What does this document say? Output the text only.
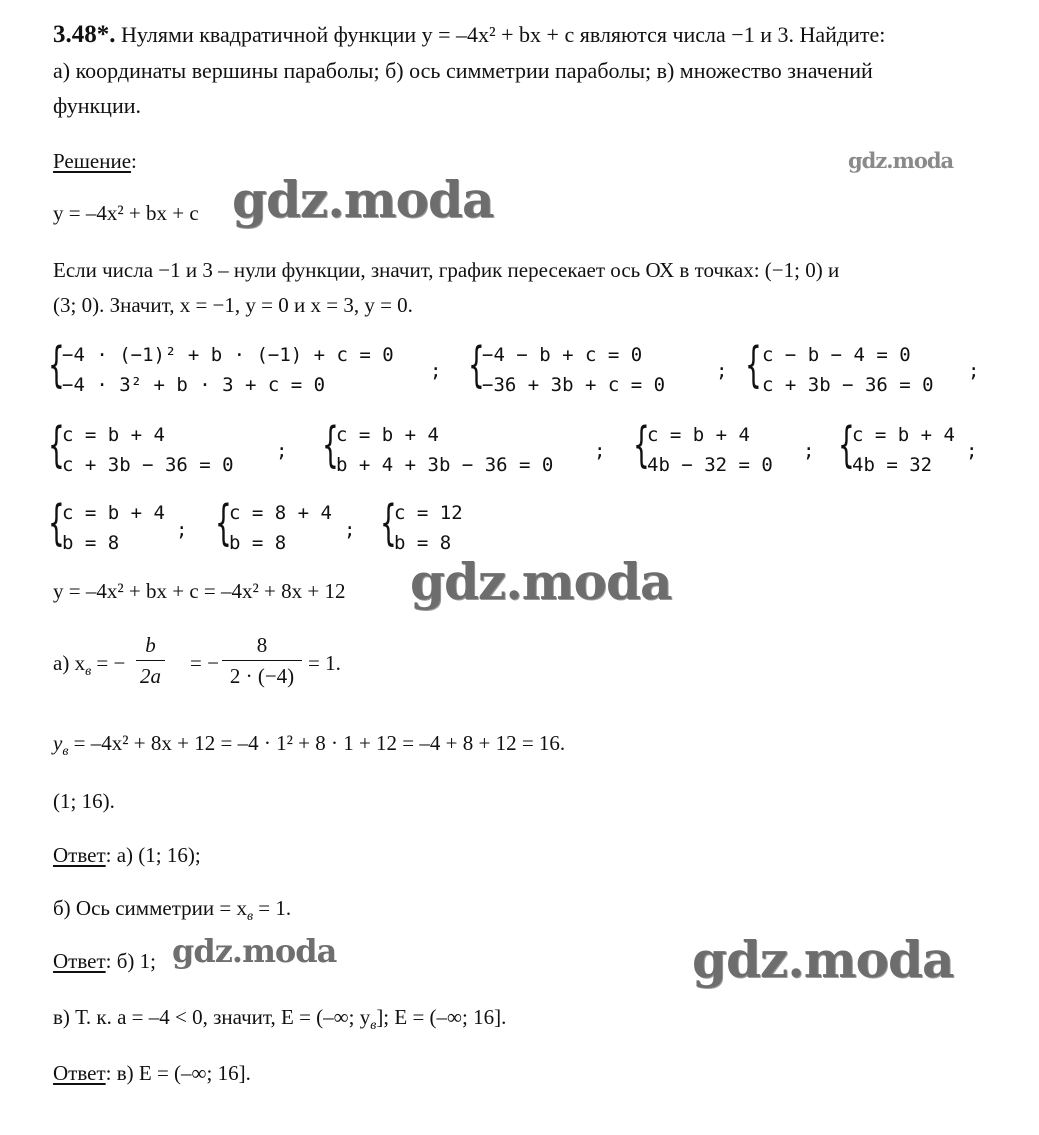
3.48*. Нулями квадратичной функции y = –4x² + bx + c являются числа −1 и 3. Найдите:
а) координаты вершины параболы; б) ось симметрии параболы; в) множество значений
функции.
Решение:
y = –4x² + bx + c
Если числа −1 и 3 – нули функции, значит, график пересекает ось ОХ в точках: (−1; 0) и
(3; 0). Значит, x = −1, y = 0 и x = 3, y = 0.
{
−4 · (−1)² + b · (−1) + c = 0
−4 · 3² + b · 3 + c = 0
; {
−4 − b + c = 0
−36 + 3b + c = 0
; { c − b − 4 = 0
c + 3b − 36 = 0
;
{
c = b + 4
c + 3b − 36 = 0
; {
c = b + 4
b + 4 + 3b − 36 = 0
; {
c = b + 4
4b − 32 = 0
; {
c = b + 4
4b = 32
;
{
c = b + 4
b = 8
; {
c = 8 + 4
b = 8
; {
c = 12
b = 8
y = –4x² + bx + c = –4x² + 8x + 12
а) $x_в$ = −
b
2a
= −
8
2 · (−4)
= 1.
$y_в = -4x^2 + 8x + 12 = -4 \cdot 1^2 + 8 \cdot 1 + 12 = -4 + 8 + 12 = 16$.
(1; 16).
Ответ: а) (1; 16);
б) Ось симметрии = $x_в = 1$.
Ответ: б) 1;
в) Т. к. a = –4 < 0, значит, E = (–∞; $y_в$]; E = (–∞; 16].
Ответ: в) E = (–∞; 16].
gdz.moda
gdz.moda
gdz.moda
gdz.moda	gdz.moda
